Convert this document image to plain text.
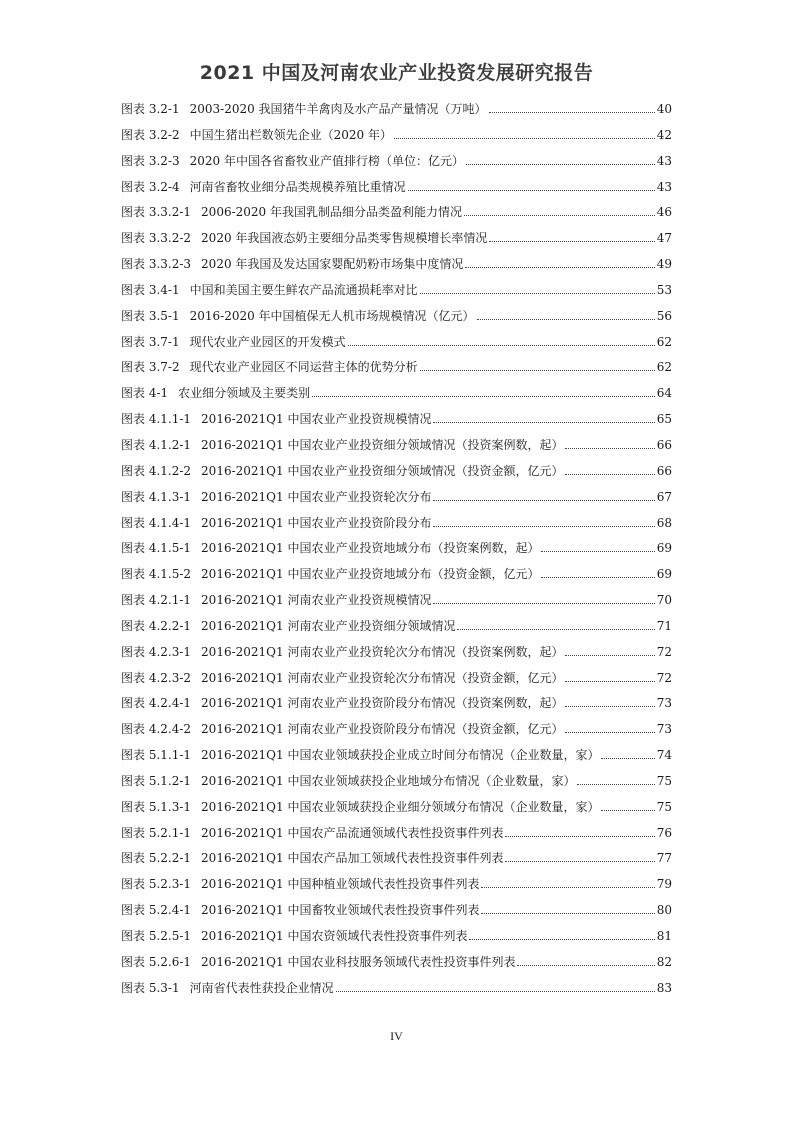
2021 中国及河南农业产业投资发展研究报告
图表 3.2-1 2003-2020 我国猪牛羊禽肉及水产品产量情况（万吨）	40
图表 3.2-2 中国生猪出栏数领先企业（2020 年）	42
图表 3.2-3 2020 年中国各省畜牧业产值排行榜（单位：亿元）	43
图表 3.2-4 河南省畜牧业细分品类规模养殖比重情况	43
图表 3.3.2-1 2006-2020 年我国乳制品细分品类盈利能力情况	46
图表 3.3.2-2 2020 年我国液态奶主要细分品类零售规模增长率情况	47
图表 3.3.2-3 2020 年我国及发达国家婴配奶粉市场集中度情况	49
图表 3.4-1 中国和美国主要生鲜农产品流通损耗率对比	53
图表 3.5-1 2016-2020 年中国植保无人机市场规模情况（亿元）	56
图表 3.7-1 现代农业产业园区的开发模式	62
图表 3.7-2 现代农业产业园区不同运营主体的优势分析	62
图表 4-1 农业细分领域及主要类别	64
图表 4.1.1-1 2016-2021Q1 中国农业产业投资规模情况	65
图表 4.1.2-1 2016-2021Q1 中国农业产业投资细分领域情况（投资案例数，起）	66
图表 4.1.2-2 2016-2021Q1 中国农业产业投资细分领域情况（投资金额，亿元）	66
图表 4.1.3-1 2016-2021Q1 中国农业产业投资轮次分布	67
图表 4.1.4-1 2016-2021Q1 中国农业产业投资阶段分布	68
图表 4.1.5-1 2016-2021Q1 中国农业产业投资地域分布（投资案例数，起）	69
图表 4.1.5-2 2016-2021Q1 中国农业产业投资地域分布（投资金额，亿元）	69
图表 4.2.1-1 2016-2021Q1 河南农业产业投资规模情况	70
图表 4.2.2-1 2016-2021Q1 河南农业产业投资细分领域情况	71
图表 4.2.3-1 2016-2021Q1 河南农业产业投资轮次分布情况（投资案例数，起）	72
图表 4.2.3-2 2016-2021Q1 河南农业产业投资轮次分布情况（投资金额，亿元）	72
图表 4.2.4-1 2016-2021Q1 河南农业产业投资阶段分布情况（投资案例数，起）	73
图表 4.2.4-2 2016-2021Q1 河南农业产业投资阶段分布情况（投资金额，亿元）	73
图表 5.1.1-1 2016-2021Q1 中国农业领域获投企业成立时间分布情况（企业数量，家）	74
图表 5.1.2-1 2016-2021Q1 中国农业领域获投企业地域分布情况（企业数量，家）	75
图表 5.1.3-1 2016-2021Q1 中国农业领域获投企业细分领域分布情况（企业数量，家）	75
图表 5.2.1-1 2016-2021Q1 中国农产品流通领域代表性投资事件列表	76
图表 5.2.2-1 2016-2021Q1 中国农产品加工领域代表性投资事件列表	77
图表 5.2.3-1 2016-2021Q1 中国种植业领域代表性投资事件列表	79
图表 5.2.4-1 2016-2021Q1 中国畜牧业领域代表性投资事件列表	80
图表 5.2.5-1 2016-2021Q1 中国农资领域代表性投资事件列表	81
图表 5.2.6-1 2016-2021Q1 中国农业科技服务领域代表性投资事件列表	82
图表 5.3-1 河南省代表性获投企业情况	83
IV
